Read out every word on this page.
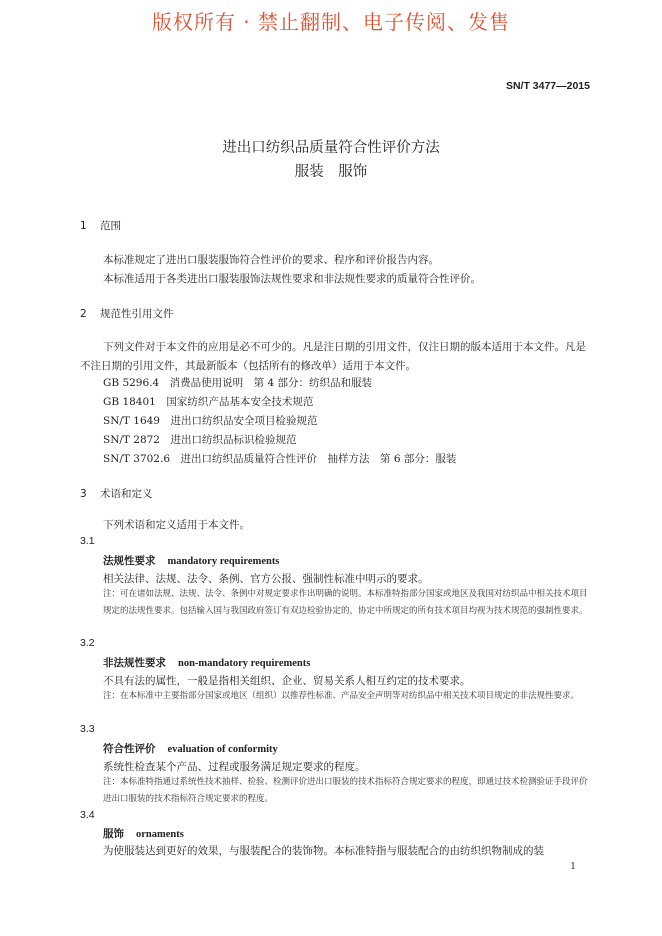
版权所有 · 禁止翻制、电子传阅、发售
SN/T 3477—2015
进出口纺织品质量符合性评价方法
服装　服饰
1 范围
本标准规定了进出口服装服饰符合性评价的要求、程序和评价报告内容。
本标准适用于各类进出口服装服饰法规性要求和非法规性要求的质量符合性评价。
2 规范性引用文件
下列文件对于本文件的应用是必不可少的。凡是注日期的引用文件，仅注日期的版本适用于本文件。凡是不注日期的引用文件，其最新版本（包括所有的修改单）适用于本文件。
GB 5296.4　消费品使用说明　第 4 部分：纺织品和服装
GB 18401　国家纺织产品基本安全技术规范
SN/T 1649　进出口纺织品安全项目检验规范
SN/T 2872　进出口纺织品标识检验规范
SN/T 3702.6　进出口纺织品质量符合性评价　抽样方法　第 6 部分：服装
3 术语和定义
下列术语和定义适用于本文件。
3.1
法规性要求 mandatory requirements
相关法律、法规、法令、条例、官方公报、强制性标准中明示的要求。
注：可在诸如法规、法规、法令、条例中对规定要求作出明确的说明。本标准特指部分国家或地区及我国对纺织品中相关技术项目规定的法规性要求。包括输入国与我国政府签订有双边检验协定的，协定中所规定的所有技术项目均视为技术规范的强制性要求。
3.2
非法规性要求 non-mandatory requirements
不具有法的属性，一般是指相关组织、企业、贸易关系人相互约定的技术要求。
注：在本标准中主要指部分国家或地区（组织）以推荐性标准、产品安全声明等对纺织品中相关技术项目规定的非法规性要求。
3.3
符合性评价 evaluation of conformity
系统性检查某个产品、过程或服务满足规定要求的程度。
注：本标准特指通过系统性技术抽样、检验、检测评价进出口服装的技术指标符合规定要求的程度，即通过技术检测验证手段评价进出口服装的技术指标符合规定要求的程度。
3.4
服饰 ornaments
为使服装达到更好的效果，与服装配合的装饰物。本标准特指与服装配合的由纺织织物制成的装
1
